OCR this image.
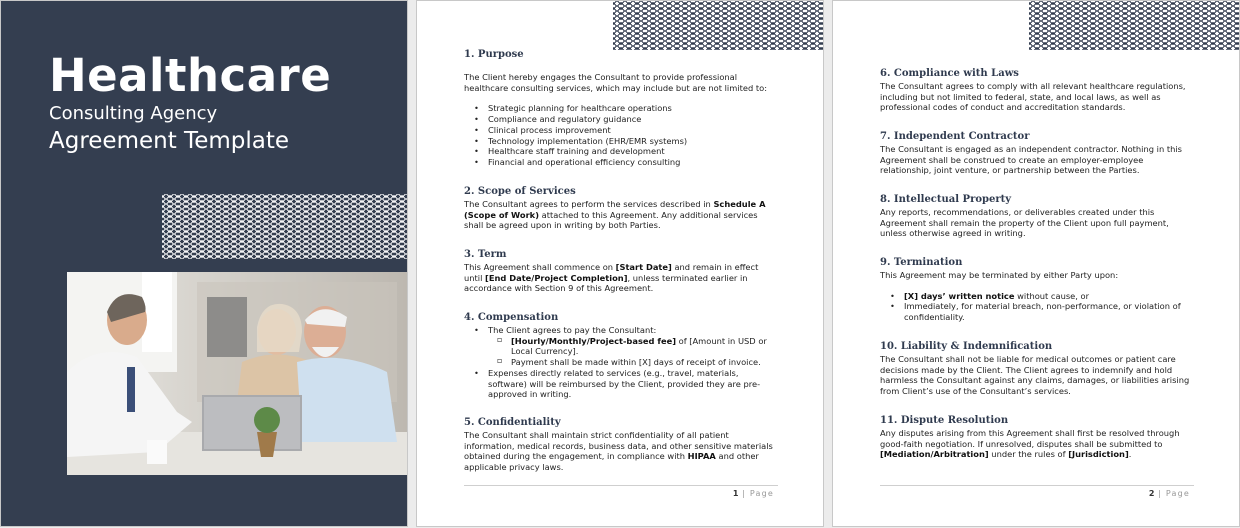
Healthcare
Consulting Agency
Agreement Template
1. Purpose

The Client hereby engages the Consultant to provide professional healthcare consulting services, which may include but are not limited to:

• Strategic planning for healthcare operations
• Compliance and regulatory guidance
• Clinical process improvement
• Technology implementation (EHR/EMR systems)
• Healthcare staff training and development
• Financial and operational efficiency consulting
2. Scope of Services

The Consultant agrees to perform the services described in Schedule A (Scope of Work) attached to this Agreement. Any additional services shall be agreed upon in writing by both Parties.

3. Term

This Agreement shall commence on [Start Date] and remain in effect until [End Date/Project Completion], unless terminated earlier in accordance with Section 9 of this Agreement.

4. Compensation
• The Client agrees to pay the Consultant:
▫ [Hourly/Monthly/Project-based fee] of [Amount in USD or Local Currency].
▫ Payment shall be made within [X] days of receipt of invoice.
• Expenses directly related to services (e.g., travel, materials, software) will be reimbursed by the Client, provided they are pre-approved in writing.
5. Confidentiality

The Consultant shall maintain strict confidentiality of all patient information, medical records, business data, and other sensitive materials obtained during the engagement, in compliance with HIPAA and other applicable privacy laws.

1 | Page
6. Compliance with Laws

The Consultant agrees to comply with all relevant healthcare regulations, including but not limited to federal, state, and local laws, as well as professional codes of conduct and accreditation standards.

7. Independent Contractor

The Consultant is engaged as an independent contractor. Nothing in this Agreement shall be construed to create an employer-employee relationship, joint venture, or partnership between the Parties.

8. Intellectual Property

Any reports, recommendations, or deliverables created under this Agreement shall remain the property of the Client upon full payment, unless otherwise agreed in writing.

9. Termination

This Agreement may be terminated by either Party upon:

• [X] days’ written notice without cause, or
• Immediately, for material breach, non-performance, or violation of confidentiality.
10. Liability & Indemnification

The Consultant shall not be liable for medical outcomes or patient care decisions made by the Client. The Client agrees to indemnify and hold harmless the Consultant against any claims, damages, or liabilities arising from Client’s use of the Consultant’s services.

11. Dispute Resolution

Any disputes arising from this Agreement shall first be resolved through good-faith negotiation. If unresolved, disputes shall be submitted to [Mediation/Arbitration] under the rules of [Jurisdiction].

2 | Page
